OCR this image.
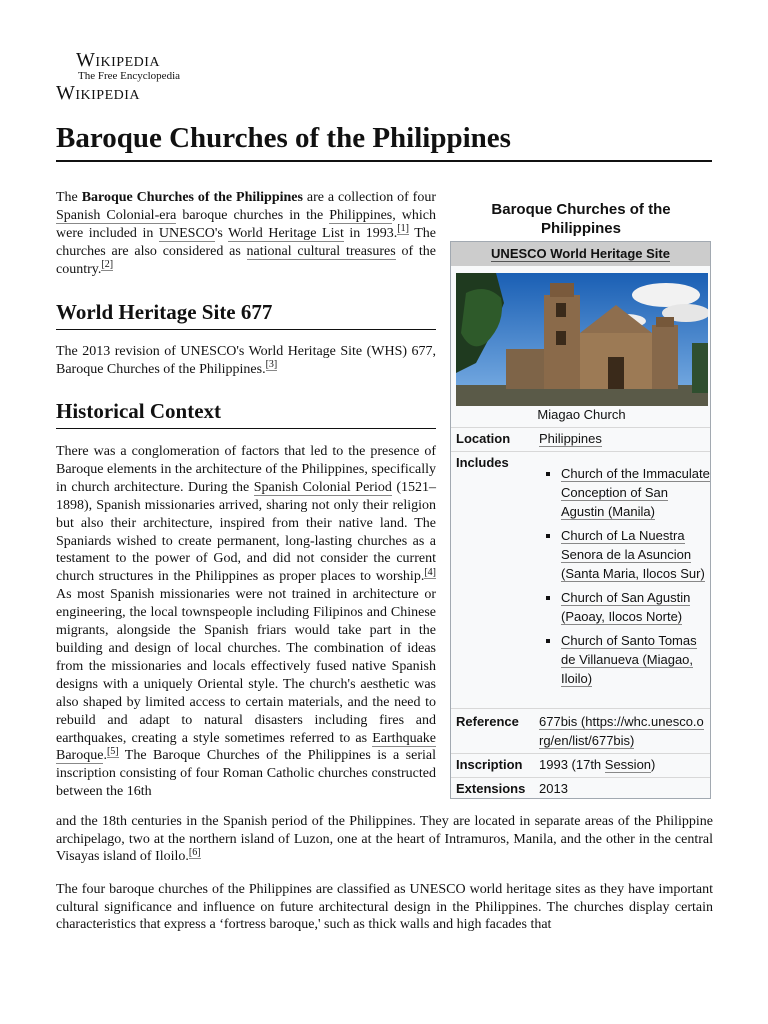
Wikipedia
The Free Encyclopedia
Wikipedia
Baroque Churches of the Philippines

The Baroque Churches of the Philippines are a collection of four Spanish Colonial-era baroque churches in the Philippines, which were included in UNESCO's World Heritage List in 1993.[1] The churches are also considered as national cultural treasures of the country.[2]

World Heritage Site 677

The 2013 revision of UNESCO's World Heritage Site (WHS) 677, Baroque Churches of the Philippines.[3]

Historical Context

There was a conglomeration of factors that led to the presence of Baroque elements in the architecture of the Philippines, specifically in church architecture. During the Spanish Colonial Period (1521–1898), Spanish missionaries arrived, sharing not only their religion but also their architecture, inspired from their native land. The Spaniards wished to create permanent, long-lasting churches as a testament to the power of God, and did not consider the current church structures in the Philippines as proper places to worship.[4] As most Spanish missionaries were not trained in architecture or engineering, the local townspeople including Filipinos and Chinese migrants, alongside the Spanish friars would take part in the building and design of local churches. The combination of ideas from the missionaries and locals effectively fused native Spanish designs with a uniquely Oriental style. The church's aesthetic was also shaped by limited access to certain materials, and the need to rebuild and adapt to natural disasters including fires and earthquakes, creating a style sometimes referred to as Earthquake Baroque.[5] The Baroque Churches of the Philippines is a serial inscription consisting of four Roman Catholic churches constructed between the 16th

and the 18th centuries in the Spanish period of the Philippines. They are located in separate areas of the Philippine archipelago, two at the northern island of Luzon, one at the heart of Intramuros, Manila, and the other in the central Visayas island of Iloilo.[6]

The four baroque churches of the Philippines are classified as UNESCO world heritage sites as they have important cultural significance and influence on future architectural design in the Philippines. The churches display certain characteristics that express a ‘fortress baroque,' such as thick walls and high facades that

Baroque Churches of the Philippines
UNESCO World Heritage Site
Miagao Church
Location Philippines
Includes
▪ Church of the Immaculate Conception of San Agustin (Manila)
▪ Church of La Nuestra Senora de la Asuncion (Santa Maria, Ilocos Sur)
▪ Church of San Agustin (Paoay, Ilocos Norte)
▪ Church of Santo Tomas de Villanueva (Miagao, Iloilo)
Reference 677bis (https://whc.unesco.org/en/list/677bis)
Inscription 1993 (17th Session)
Extensions 2013
